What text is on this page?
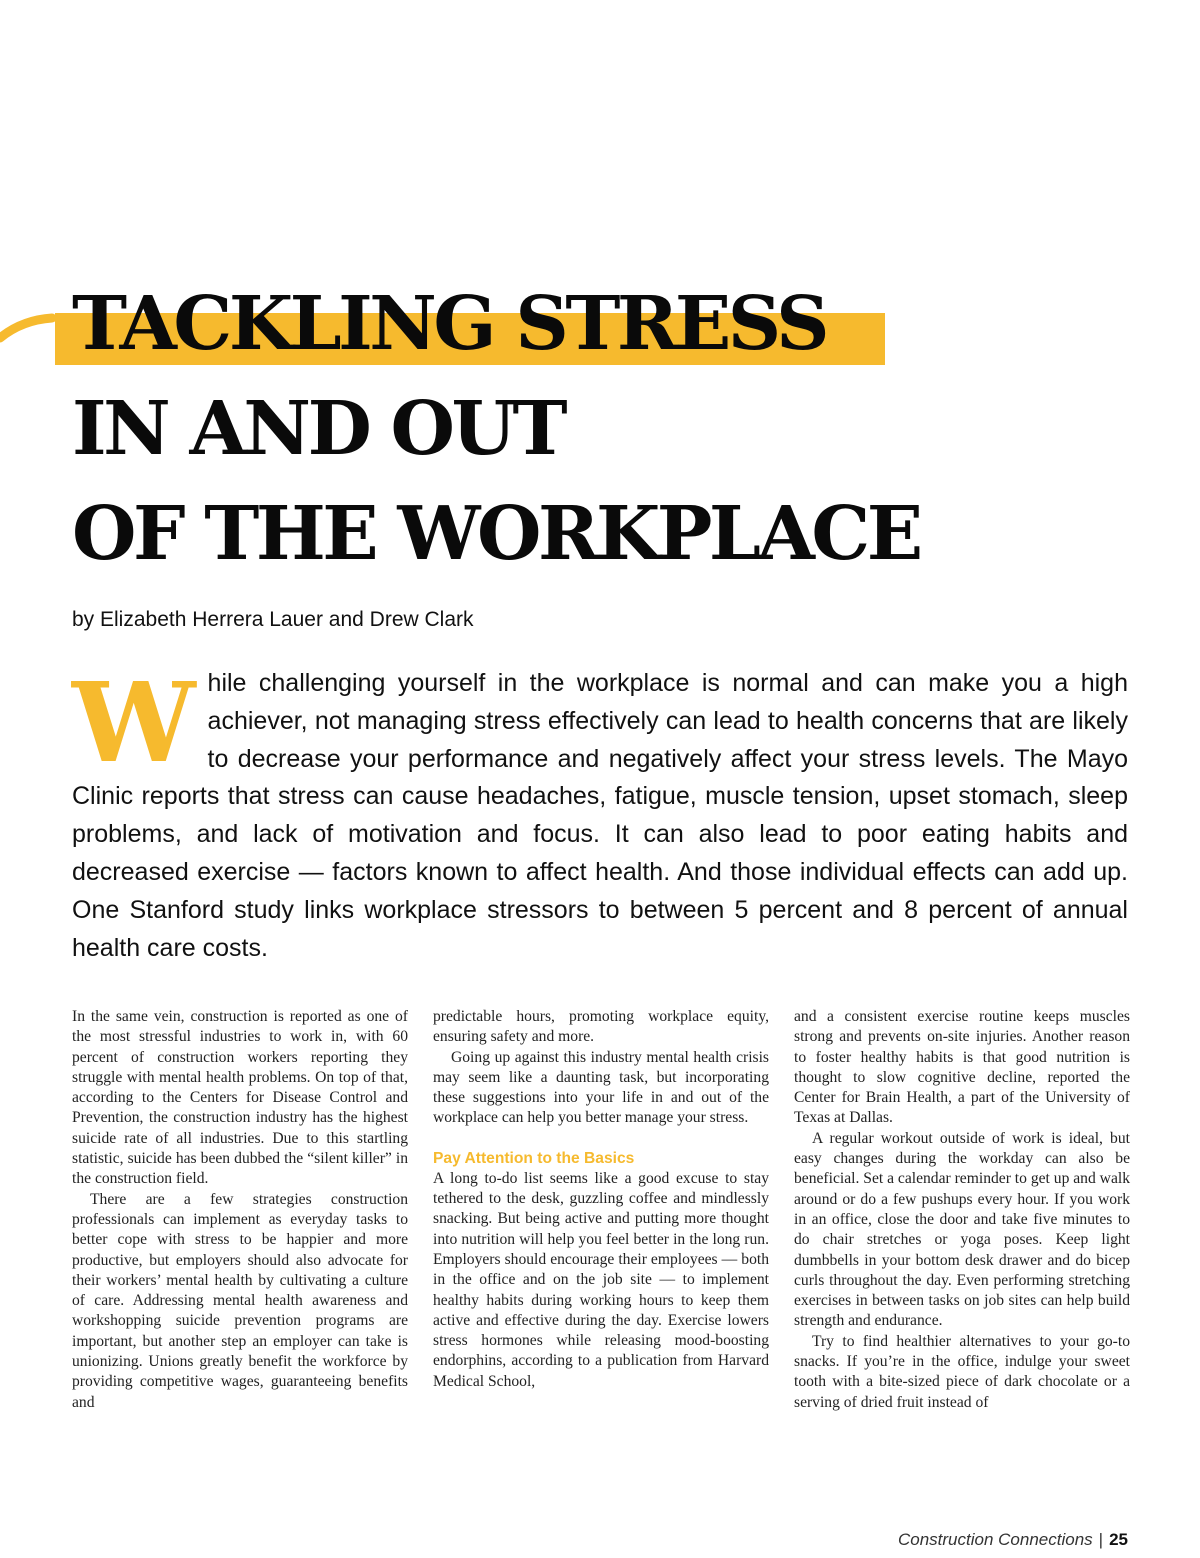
TACKLING STRESS
IN AND OUT
OF THE WORKPLACE
by Elizabeth Herrera Lauer and Drew Clark

While challenging yourself in the workplace is normal and can make you a high achiever, not managing stress effectively can lead to health concerns that are likely to decrease your performance and negatively affect your stress levels. The Mayo Clinic reports that stress can cause headaches, fatigue, muscle tension, upset stomach, sleep problems, and lack of motivation and focus. It can also lead to poor eating habits and decreased exercise — factors known to affect health. And those individual effects can add up. One Stanford study links workplace stressors to between 5 percent and 8 percent of annual health care costs.

In the same vein, construction is reported as one of the most stressful industries to work in, with 60 percent of construction workers reporting they struggle with mental health problems. On top of that, according to the Centers for Disease Control and Prevention, the construction industry has the highest suicide rate of all industries. Due to this startling statistic, suicide has been dubbed the “silent killer” in the construction field.

There are a few strategies construction professionals can implement as everyday tasks to better cope with stress to be happier and more productive, but employers should also advocate for their workers’ mental health by cultivating a culture of care. Addressing mental health awareness and workshopping suicide prevention programs are important, but another step an employer can take is unionizing. Unions greatly benefit the workforce by providing competitive wages, guaranteeing benefits and

predictable hours, promoting workplace equity, ensuring safety and more.

Going up against this industry mental health crisis may seem like a daunting task, but incorporating these suggestions into your life in and out of the workplace can help you better manage your stress.

Pay Attention to the Basics

A long to-do list seems like a good excuse to stay tethered to the desk, guzzling coffee and mindlessly snacking. But being active and putting more thought into nutrition will help you feel better in the long run. Employers should encourage their employees — both in the office and on the job site — to implement healthy habits during working hours to keep them active and effective during the day. Exercise lowers stress hormones while releasing mood-boosting endorphins, according to a publication from Harvard Medical School,

and a consistent exercise routine keeps muscles strong and prevents on-site injuries. Another reason to foster healthy habits is that good nutrition is thought to slow cognitive decline, reported the Center for Brain Health, a part of the University of Texas at Dallas.

A regular workout outside of work is ideal, but easy changes during the workday can also be beneficial. Set a calendar reminder to get up and walk around or do a few pushups every hour. If you work in an office, close the door and take five minutes to do chair stretches or yoga poses. Keep light dumbbells in your bottom desk drawer and do bicep curls throughout the day. Even performing stretching exercises in between tasks on job sites can help build strength and endurance.

Try to find healthier alternatives to your go-to snacks. If you’re in the office, indulge your sweet tooth with a bite-sized piece of dark chocolate or a serving of dried fruit instead of

Construction Connections | 25
